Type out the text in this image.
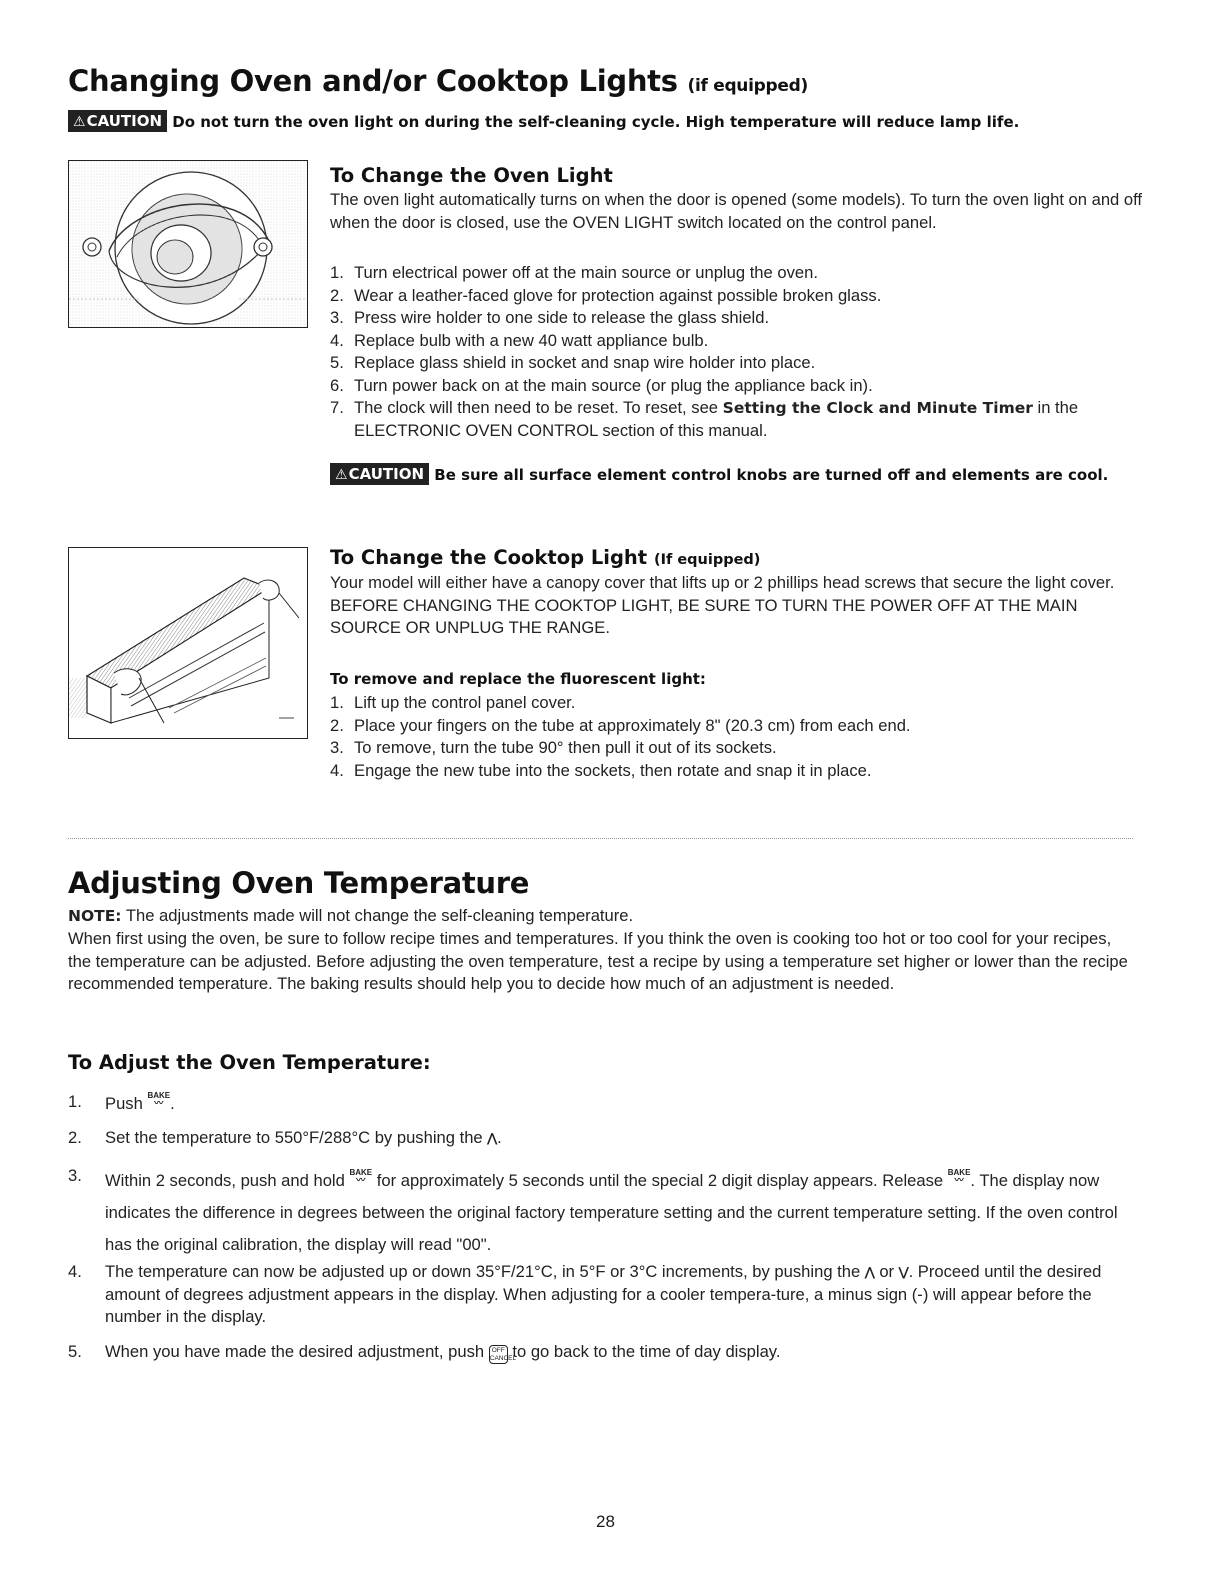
Changing Oven and/or Cooktop Lights (if equipped)
⚠CAUTION Do not turn the oven light on during the self-cleaning cycle. High temperature will reduce lamp life.
To Change the Oven Light

The oven light automatically turns on when the door is opened (some models). To turn the oven light on and off when the door is closed, use the OVEN LIGHT switch located on the control panel.

1. Turn electrical power off at the main source or unplug the oven.
2. Wear a leather-faced glove for protection against possible broken glass.
3. Press wire holder to one side to release the glass shield.
4. Replace bulb with a new 40 watt appliance bulb.
5. Replace glass shield in socket and snap wire holder into place.
6. Turn power back on at the main source (or plug the appliance back in).
7. The clock will then need to be reset. To reset, see Setting the Clock and Minute Timer in the ELECTRONIC OVEN CONTROL section of this manual.
⚠CAUTION Be sure all surface element control knobs are turned off and elements are cool.
To Change the Cooktop Light (If equipped)

Your model will either have a canopy cover that lifts up or 2 phillips head screws that secure the light cover. BEFORE CHANGING THE COOKTOP LIGHT, BE SURE TO TURN THE POWER OFF AT THE MAIN SOURCE OR UNPLUG THE RANGE.

To remove and replace the fluorescent light:
1. Lift up the control panel cover.
2. Place your fingers on the tube at approximately 8" (20.3 cm) from each end.
3. To remove, turn the tube 90° then pull it out of its sockets.
4. Engage the new tube into the sockets, then rotate and snap it in place.
Adjusting Oven Temperature

NOTE: The adjustments made will not change the self-cleaning temperature.

When first using the oven, be sure to follow recipe times and temperatures. If you think the oven is cooking too hot or too cool for your recipes, the temperature can be adjusted. Before adjusting the oven temperature, test a recipe by using a temperature set higher or lower than the recipe recommended temperature. The baking results should help you to decide how much of an adjustment is needed.

To Adjust the Oven Temperature:
1. Push BAKE
〰 .
2. Set the temperature to 550°F/288°C by pushing the ⋀.
3. Within 2 seconds, push and hold BAKE
〰 for approximately 5 seconds until the special 2 digit display appears. Release BAKE
〰 . The display now indicates the difference in degrees between the original factory temperature setting and the current temperature setting. If the oven control has the original calibration, the display will read "00".
4. The temperature can now be adjusted up or down 35°F/21°C, in 5°F or 3°C increments, by pushing the ⋀ or ⋁. Proceed until the desired amount of degrees adjustment appears in the display. When adjusting for a cooler tempera-ture, a minus sign (-) will appear before the number in the display.
5. When you have made the desired adjustment, push OFF
CANCEL to go back to the time of day display.
28
